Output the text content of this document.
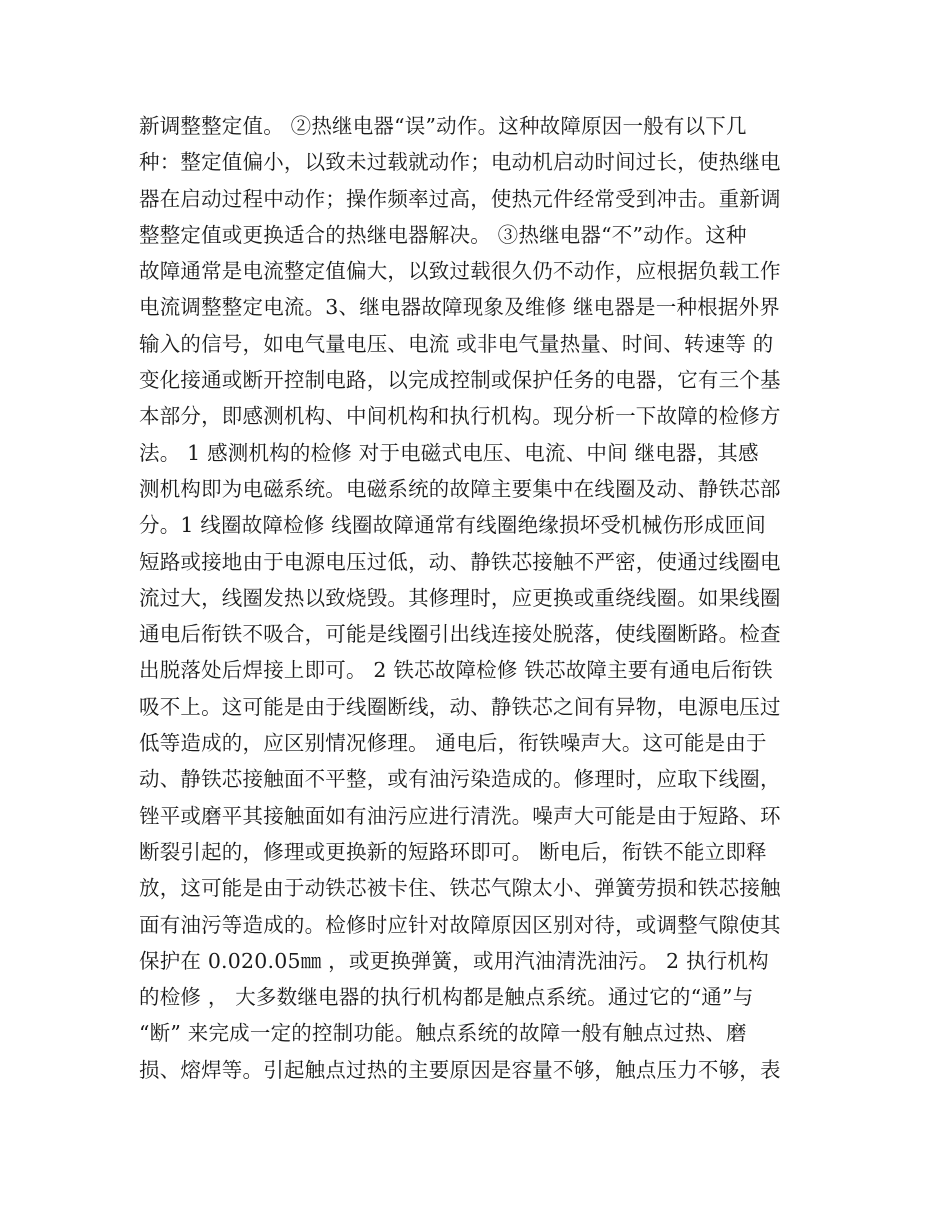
新调整整定值。 ②热继电器“误”动作。这种故障原因一般有以下几
种：整定值偏小，以致未过载就动作；电动机启动时间过长，使热继电
器在启动过程中动作；操作频率过高，使热元件经常受到冲击。重新调
整整定值或更换适合的热继电器解决。 ③热继电器“不”动作。这种
故障通常是电流整定值偏大，以致过载很久仍不动作，应根据负载工作
电流调整整定电流。3、继电器故障现象及维修 继电器是一种根据外界
输入的信号，如电气量电压、电流 或非电气量热量、时间、转速等 的
变化接通或断开控制电路，以完成控制或保护任务的电器，它有三个基
本部分，即感测机构、中间机构和执行机构。现分析一下故障的检修方
法。 1 感测机构的检修 对于电磁式电压、电流、中间 继电器，其感
测机构即为电磁系统。电磁系统的故障主要集中在线圈及动、静铁芯部
分。1 线圈故障检修 线圈故障通常有线圈绝缘损坏受机械伤形成匝间
短路或接地由于电源电压过低，动、静铁芯接触不严密，使通过线圈电
流过大，线圈发热以致烧毁。其修理时，应更换或重绕线圈。如果线圈
通电后衔铁不吸合，可能是线圈引出线连接处脱落，使线圈断路。检查
出脱落处后焊接上即可。 2 铁芯故障检修 铁芯故障主要有通电后衔铁
吸不上。这可能是由于线圈断线，动、静铁芯之间有异物，电源电压过
低等造成的，应区别情况修理。 通电后，衔铁噪声大。这可能是由于
动、静铁芯接触面不平整，或有油污染造成的。修理时，应取下线圈，
锉平或磨平其接触面如有油污应进行清洗。噪声大可能是由于短路、环
断裂引起的，修理或更换新的短路环即可。 断电后，衔铁不能立即释
放，这可能是由于动铁芯被卡住、铁芯气隙太小、弹簧劳损和铁芯接触
面有油污等造成的。检修时应针对故障原因区别对待，或调整气隙使其
保护在 0.020.05㎜ ，或更换弹簧，或用汽油清洗油污。 2 执行机构
的检修 ， 大多数继电器的执行机构都是触点系统。通过它的“通”与
“断” 来完成一定的控制功能。触点系统的故障一般有触点过热、磨
损、熔焊等。引起触点过热的主要原因是容量不够，触点压力不够，表
